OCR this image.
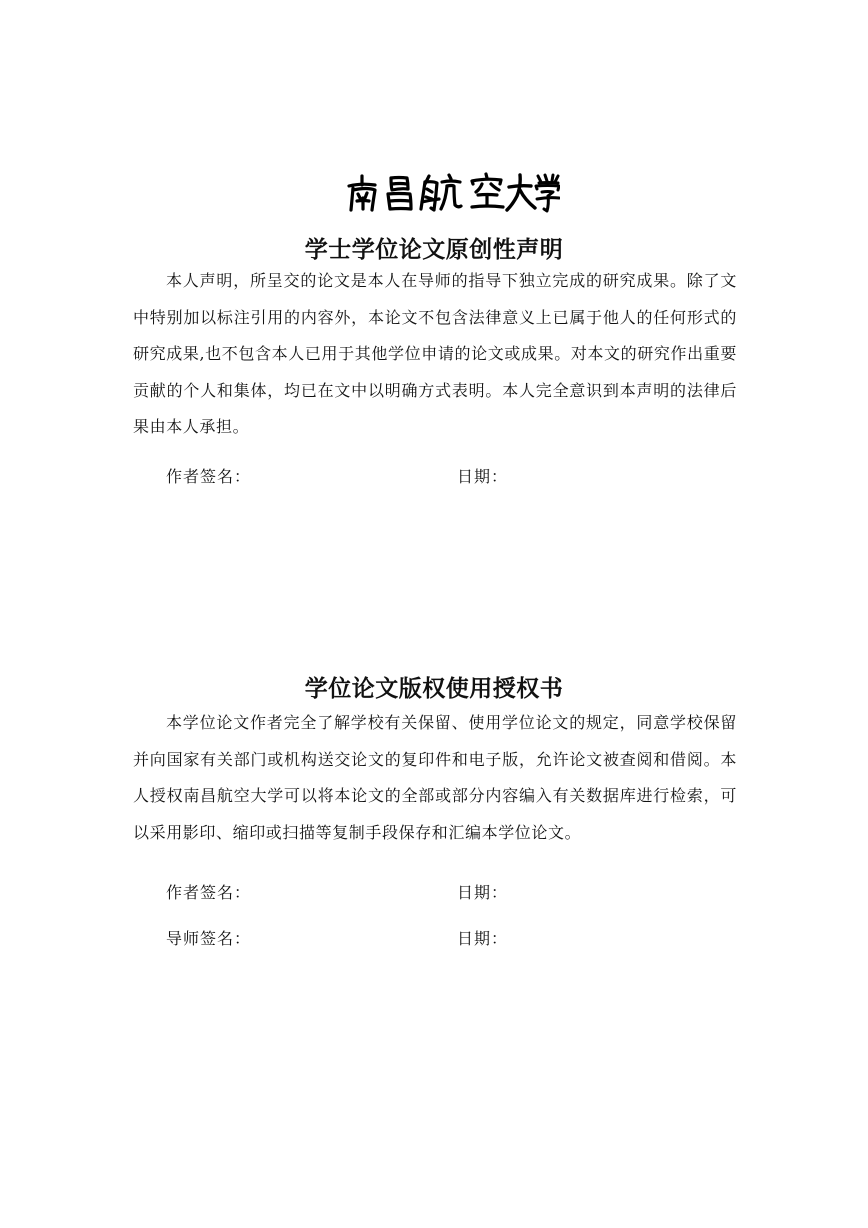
学士学位论文原创性声明

本人声明，所呈交的论文是本人在导师的指导下独立完成的研究成果。除了文中特别加以标注引用的内容外，本论文不包含法律意义上已属于他人的任何形式的研究成果,也不包含本人已用于其他学位申请的论文或成果。对本文的研究作出重要贡献的个人和集体，均已在文中以明确方式表明。本人完全意识到本声明的法律后果由本人承担。

作者签名：	日期：
学位论文版权使用授权书

本学位论文作者完全了解学校有关保留、使用学位论文的规定，同意学校保留并向国家有关部门或机构送交论文的复印件和电子版，允许论文被查阅和借阅。本人授权南昌航空大学可以将本论文的全部或部分内容编入有关数据库进行检索，可以采用影印、缩印或扫描等复制手段保存和汇编本学位论文。

作者签名：	日期：
导师签名：	日期：
